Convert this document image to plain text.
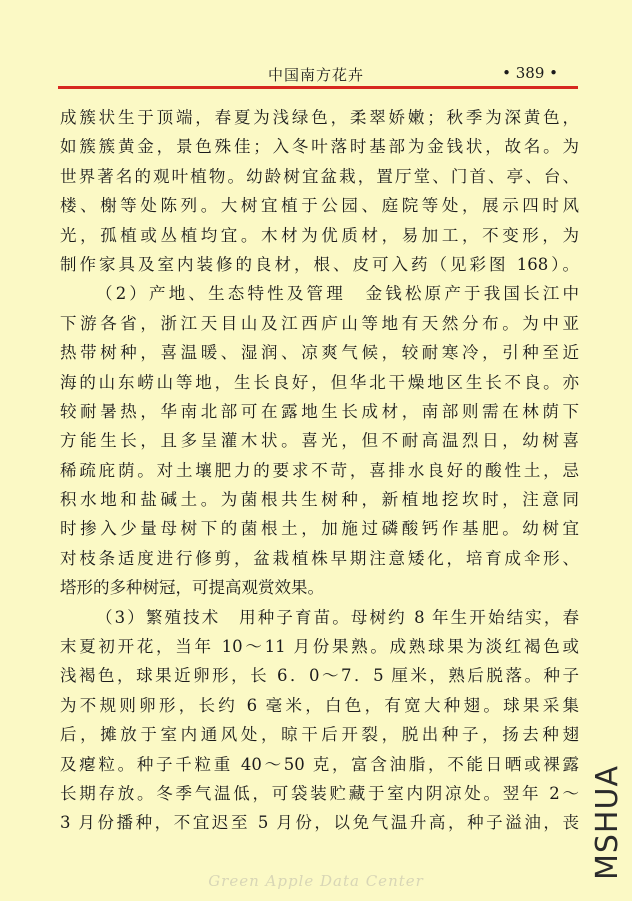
中国南方花卉	• 389 •
成簇状生于顶端，春夏为浅绿色，柔翠娇嫩；秋季为深黄色，
如簇簇黄金，景色殊佳；入冬叶落时基部为金钱状，故名。为
世界著名的观叶植物。幼龄树宜盆栽，置厅堂、门首、亭、台、
楼、榭等处陈列。大树宜植于公园、庭院等处，展示四时风
光，孤植或丛植均宜。木材为优质材，易加工，不变形，为
制作家具及室内装修的良材，根、皮可入药（见彩图 168）。
（2）产地、生态特性及管理　金钱松原产于我国长江中
下游各省，浙江天目山及江西庐山等地有天然分布。为中亚
热带树种，喜温暖、湿润、凉爽气候，较耐寒冷，引种至近
海的山东崂山等地，生长良好，但华北干燥地区生长不良。亦
较耐暑热，华南北部可在露地生长成材，南部则需在林荫下
方能生长，且多呈灌木状。喜光，但不耐高温烈日，幼树喜
稀疏庇荫。对土壤肥力的要求不苛，喜排水良好的酸性土，忌
积水地和盐碱土。为菌根共生树种，新植地挖坎时，注意同
时掺入少量母树下的菌根土，加施过磷酸钙作基肥。幼树宜
对枝条适度进行修剪，盆栽植株早期注意矮化，培育成伞形、
塔形的多种树冠，可提高观赏效果。
（3）繁殖技术　用种子育苗。母树约 8 年生开始结实，春
末夏初开花，当年 10～11 月份果熟。成熟球果为淡红褐色或
浅褐色，球果近卵形，长 6．0～7．5 厘米，熟后脱落。种子
为不规则卵形，长约 6 毫米，白色，有宽大种翅。球果采集
后，摊放于室内通风处，晾干后开裂，脱出种子，扬去种翅
及瘪粒。种子千粒重 40～50 克，富含油脂，不能日晒或裸露
长期存放。冬季气温低，可袋装贮藏于室内阴凉处。翌年 2～
3 月份播种，不宜迟至 5 月份，以免气温升高，种子溢油，丧
Green Apple Data Center
MSHUA
